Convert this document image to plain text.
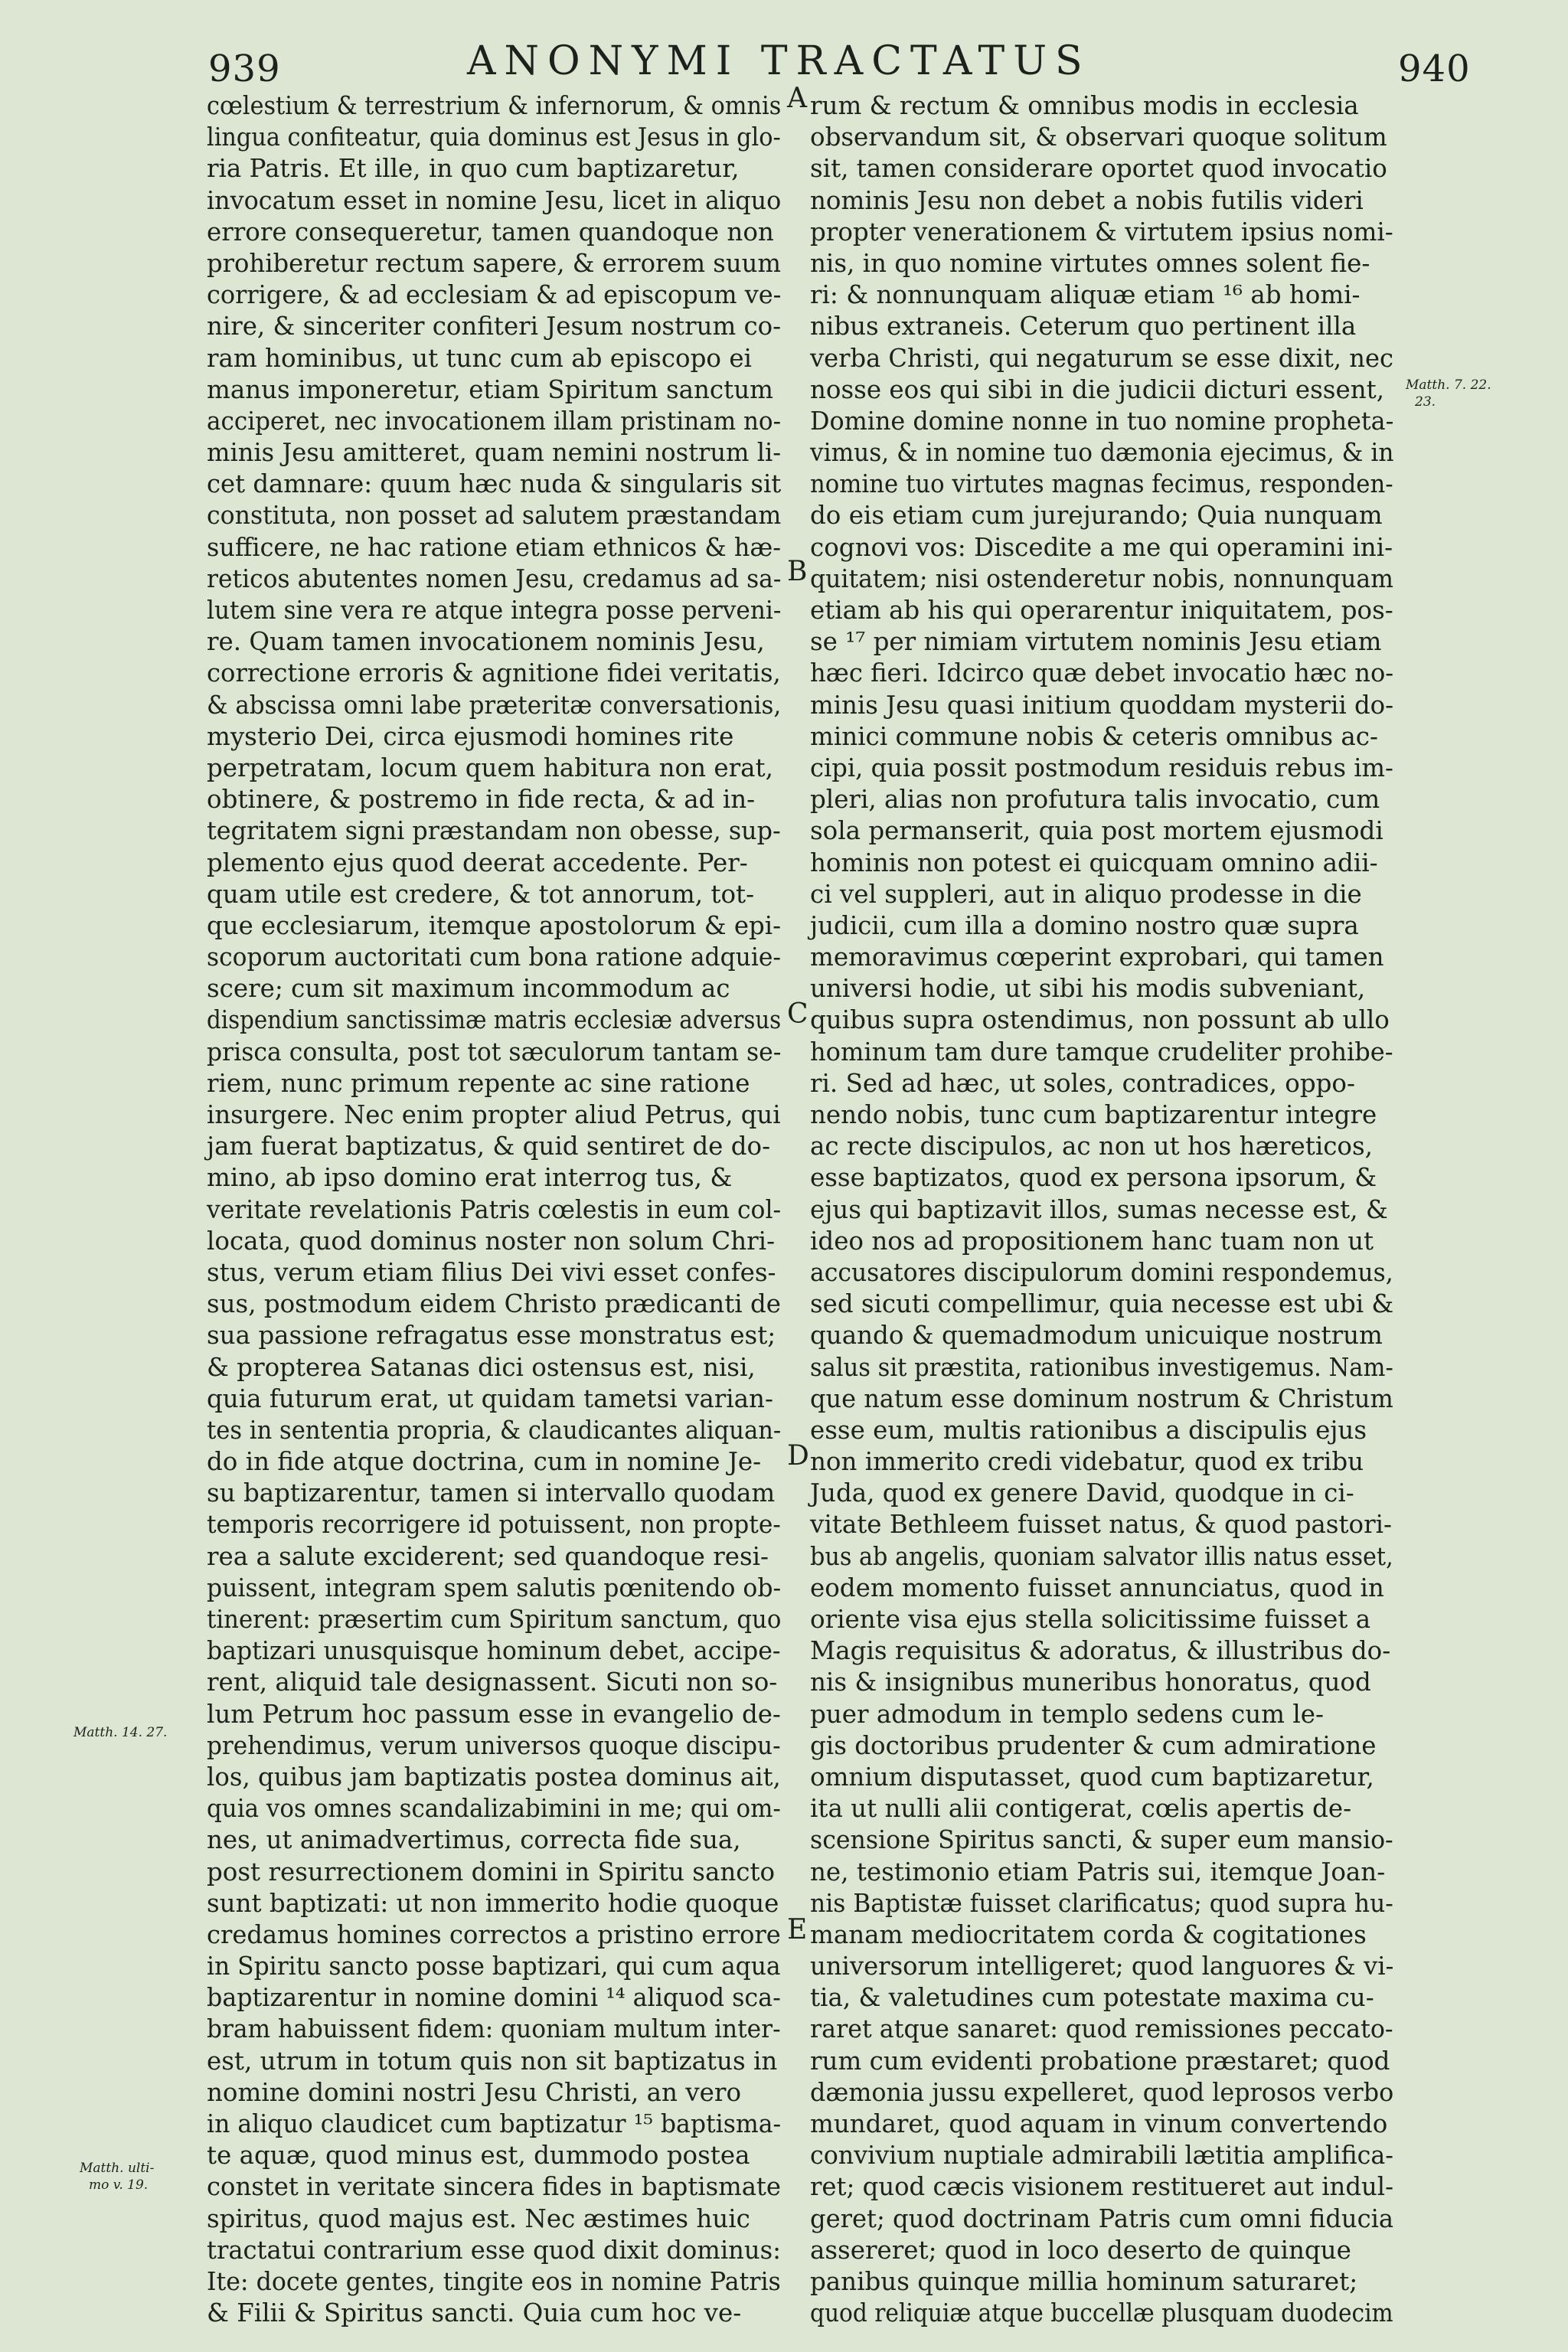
939	ANONYMI TRACTATUS	940
cœlestium & terrestrium & infernorum, & omnis
lingua confiteatur, quia dominus est Jesus in glo-
ria Patris. Et ille, in quo cum baptizaretur,
invocatum esset in nomine Jesu, licet in aliquo
errore consequeretur, tamen quandoque non
prohiberetur rectum sapere, & errorem suum
corrigere, & ad ecclesiam & ad episcopum ve-
nire, & sinceriter confiteri Jesum nostrum co-
ram hominibus, ut tunc cum ab episcopo ei
manus imponeretur, etiam Spiritum sanctum
acciperet, nec invocationem illam pristinam no-
minis Jesu amitteret, quam nemini nostrum li-
cet damnare: quum hæc nuda & singularis sit
constituta, non posset ad salutem præstandam
sufficere, ne hac ratione etiam ethnicos & hæ-
reticos abutentes nomen Jesu, credamus ad sa-
lutem sine vera re atque integra posse perveni-
re. Quam tamen invocationem nominis Jesu,
correctione erroris & agnitione fidei veritatis,
& abscissa omni labe præteritæ conversationis,
mysterio Dei, circa ejusmodi homines rite
perpetratam, locum quem habitura non erat,
obtinere, & postremo in fide recta, & ad in-
tegritatem signi præstandam non obesse, sup-
plemento ejus quod deerat accedente. Per-
quam utile est credere, & tot annorum, tot-
que ecclesiarum, itemque apostolorum & epi-
scoporum auctoritati cum bona ratione adquie-
scere; cum sit maximum incommodum ac
dispendium sanctissimæ matris ecclesiæ adversus
prisca consulta, post tot sæculorum tantam se-
riem, nunc primum repente ac sine ratione
insurgere. Nec enim propter aliud Petrus, qui
jam fuerat baptizatus, & quid sentiret de do-
mino, ab ipso domino erat interrog tus, &
veritate revelationis Patris cœlestis in eum col-
locata, quod dominus noster non solum Chri-
stus, verum etiam filius Dei vivi esset confes-
sus, postmodum eidem Christo prædicanti de
sua passione refragatus esse monstratus est;
& propterea Satanas dici ostensus est, nisi,
quia futurum erat, ut quidam tametsi varian-
tes in sententia propria, & claudicantes aliquan-
do in fide atque doctrina, cum in nomine Je-
su baptizarentur, tamen si intervallo quodam
temporis recorrigere id potuissent, non propte-
rea a salute exciderent; sed quandoque resi-
puissent, integram spem salutis pœnitendo ob-
tinerent: præsertim cum Spiritum sanctum, quo
baptizari unusquisque hominum debet, accipe-
rent, aliquid tale designassent. Sicuti non so-
lum Petrum hoc passum esse in evangelio de-
prehendimus, verum universos quoque discipu-
los, quibus jam baptizatis postea dominus ait,
quia vos omnes scandalizabimini in me; qui om-
nes, ut animadvertimus, correcta fide sua,
post resurrectionem domini in Spiritu sancto
sunt baptizati: ut non immerito hodie quoque
credamus homines correctos a pristino errore
in Spiritu sancto posse baptizari, qui cum aqua
baptizarentur in nomine domini ¹⁴ aliquod sca-
bram habuissent fidem: quoniam multum inter-
est, utrum in totum quis non sit baptizatus in
nomine domini nostri Jesu Christi, an vero
in aliquo claudicet cum baptizatur ¹⁵ baptisma-
te aquæ, quod minus est, dummodo postea
constet in veritate sincera fides in baptismate
spiritus, quod majus est. Nec æstimes huic
tractatui contrarium esse quod dixit dominus:
Ite: docete gentes, tingite eos in nomine Patris
& Filii & Spiritus sancti. Quia cum hoc ve-
rum & rectum & omnibus modis in ecclesia
observandum sit, & observari quoque solitum
sit, tamen considerare oportet quod invocatio
nominis Jesu non debet a nobis futilis videri
propter venerationem & virtutem ipsius nomi-
nis, in quo nomine virtutes omnes solent fie-
ri: & nonnunquam aliquæ etiam ¹⁶ ab homi-
nibus extraneis. Ceterum quo pertinent illa
verba Christi, qui negaturum se esse dixit, nec
nosse eos qui sibi in die judicii dicturi essent,
Domine domine nonne in tuo nomine propheta-
vimus, & in nomine tuo dæmonia ejecimus, & in
nomine tuo virtutes magnas fecimus, responden-
do eis etiam cum jurejurando; Quia nunquam
cognovi vos: Discedite a me qui operamini ini-
quitatem; nisi ostenderetur nobis, nonnunquam
etiam ab his qui operarentur iniquitatem, pos-
se ¹⁷ per nimiam virtutem nominis Jesu etiam
hæc fieri. Idcirco quæ debet invocatio hæc no-
minis Jesu quasi initium quoddam mysterii do-
minici commune nobis & ceteris omnibus ac-
cipi, quia possit postmodum residuis rebus im-
pleri, alias non profutura talis invocatio, cum
sola permanserit, quia post mortem ejusmodi
hominis non potest ei quicquam omnino adii-
ci vel suppleri, aut in aliquo prodesse in die
judicii, cum illa a domino nostro quæ supra
memoravimus cœperint exprobari, qui tamen
universi hodie, ut sibi his modis subveniant,
quibus supra ostendimus, non possunt ab ullo
hominum tam dure tamque crudeliter prohibe-
ri. Sed ad hæc, ut soles, contradices, oppo-
nendo nobis, tunc cum baptizarentur integre
ac recte discipulos, ac non ut hos hæreticos,
esse baptizatos, quod ex persona ipsorum, &
ejus qui baptizavit illos, sumas necesse est, &
ideo nos ad propositionem hanc tuam non ut
accusatores discipulorum domini respondemus,
sed sicuti compellimur, quia necesse est ubi &
quando & quemadmodum unicuique nostrum
salus sit præstita, rationibus investigemus. Nam-
que natum esse dominum nostrum & Christum
esse eum, multis rationibus a discipulis ejus
non immerito credi videbatur, quod ex tribu
Juda, quod ex genere David, quodque in ci-
vitate Bethleem fuisset natus, & quod pastori-
bus ab angelis, quoniam salvator illis natus esset,
eodem momento fuisset annunciatus, quod in
oriente visa ejus stella solicitissime fuisset a
Magis requisitus & adoratus, & illustribus do-
nis & insignibus muneribus honoratus, quod
puer admodum in templo sedens cum le-
gis doctoribus prudenter & cum admiratione
omnium disputasset, quod cum baptizaretur,
ita ut nulli alii contigerat, cœlis apertis de-
scensione Spiritus sancti, & super eum mansio-
ne, testimonio etiam Patris sui, itemque Joan-
nis Baptistæ fuisset clarificatus; quod supra hu-
manam mediocritatem corda & cogitationes
universorum intelligeret; quod languores & vi-
tia, & valetudines cum potestate maxima cu-
raret atque sanaret: quod remissiones peccato-
rum cum evidenti probatione præstaret; quod
dæmonia jussu expelleret, quod leprosos verbo
mundaret, quod aquam in vinum convertendo
convivium nuptiale admirabili lætitia amplifica-
ret; quod cæcis visionem restitueret aut indul-
geret; quod doctrinam Patris cum omni fiducia
assereret; quod in loco deserto de quinque
panibus quinque millia hominum saturaret;
quod reliquiæ atque buccellæ plusquam duodecim
A
B
C
D
E
Matth. 14. 27.
Matth. ulti-
mo v. 19.
Matth. 7. 22.
23.
